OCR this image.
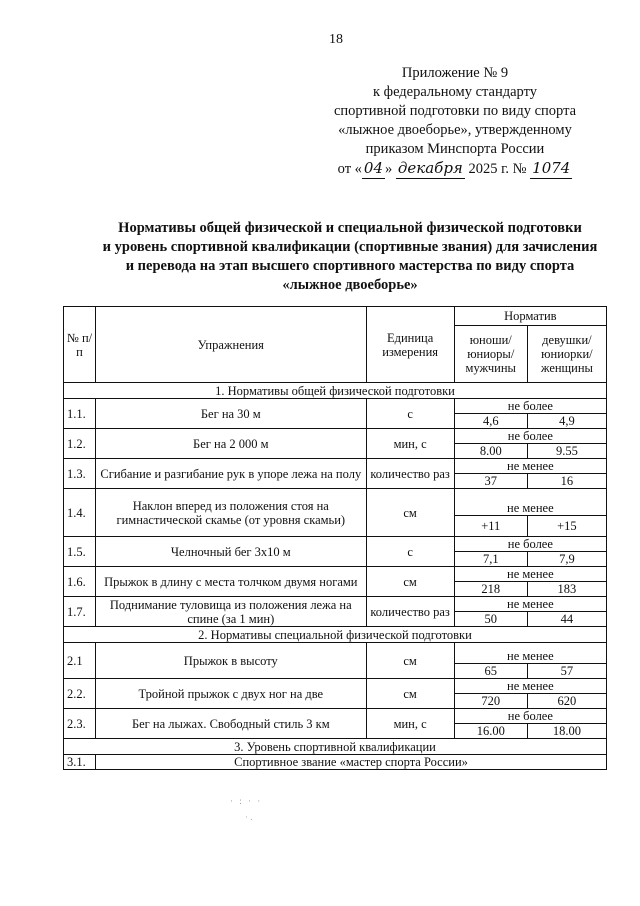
18
Приложение № 9
к федеральному стандарту
спортивной подготовки по виду спорта
«лыжное двоеборье», утвержденному
приказом Минспорта России
от « 04 » декабря 2025 г. № 1074
Нормативы общей физической и специальной физической подготовки
и уровень спортивной квалификации (спортивные звания) для зачисления
и перевода на этап высшего спортивного мастерства по виду спорта
«лыжное двоеборье»
№ п/п	Упражнения	Единица измерения	Норматив	
			юноши/ юниоры/ мужчины	девушки/ юниорки/ женщины
1. Нормативы общей физической подготовки				
1.1.	Бег на 30 м	с	не более	
			4,6	4,9
1.2.	Бег на 2 000 м	мин, с	не более	
			8.00	9.55
1.3.	Сгибание и разгибание рук в упоре лежа на полу	количество раз	не менее	
			37	16
1.4.	Наклон вперед из положения стоя на гимнастической скамье (от уровня скамьи)	см	не менее	
			+11	+15
1.5.	Челночный бег 3х10 м	с	не более	
			7,1	7,9
1.6.	Прыжок в длину с места толчком двумя ногами	см	не менее	
			218	183
1.7.	Поднимание туловища из положения лежа на спине (за 1 мин)	количество раз	не менее	
			50	44
2. Нормативы специальной физической подготовки				
2.1	Прыжок в высоту	см	не менее	
			65	57
2.2.	Тройной прыжок с двух ног на две	см	не менее	
			720	620
2.3.	Бег на лыжах. Свободный стиль 3 км	мин, с	не более	
			16.00	18.00
3. Уровень спортивной квалификации				
3.1.	Спортивное звание «мастер спорта России»			
· : · ·
· .
